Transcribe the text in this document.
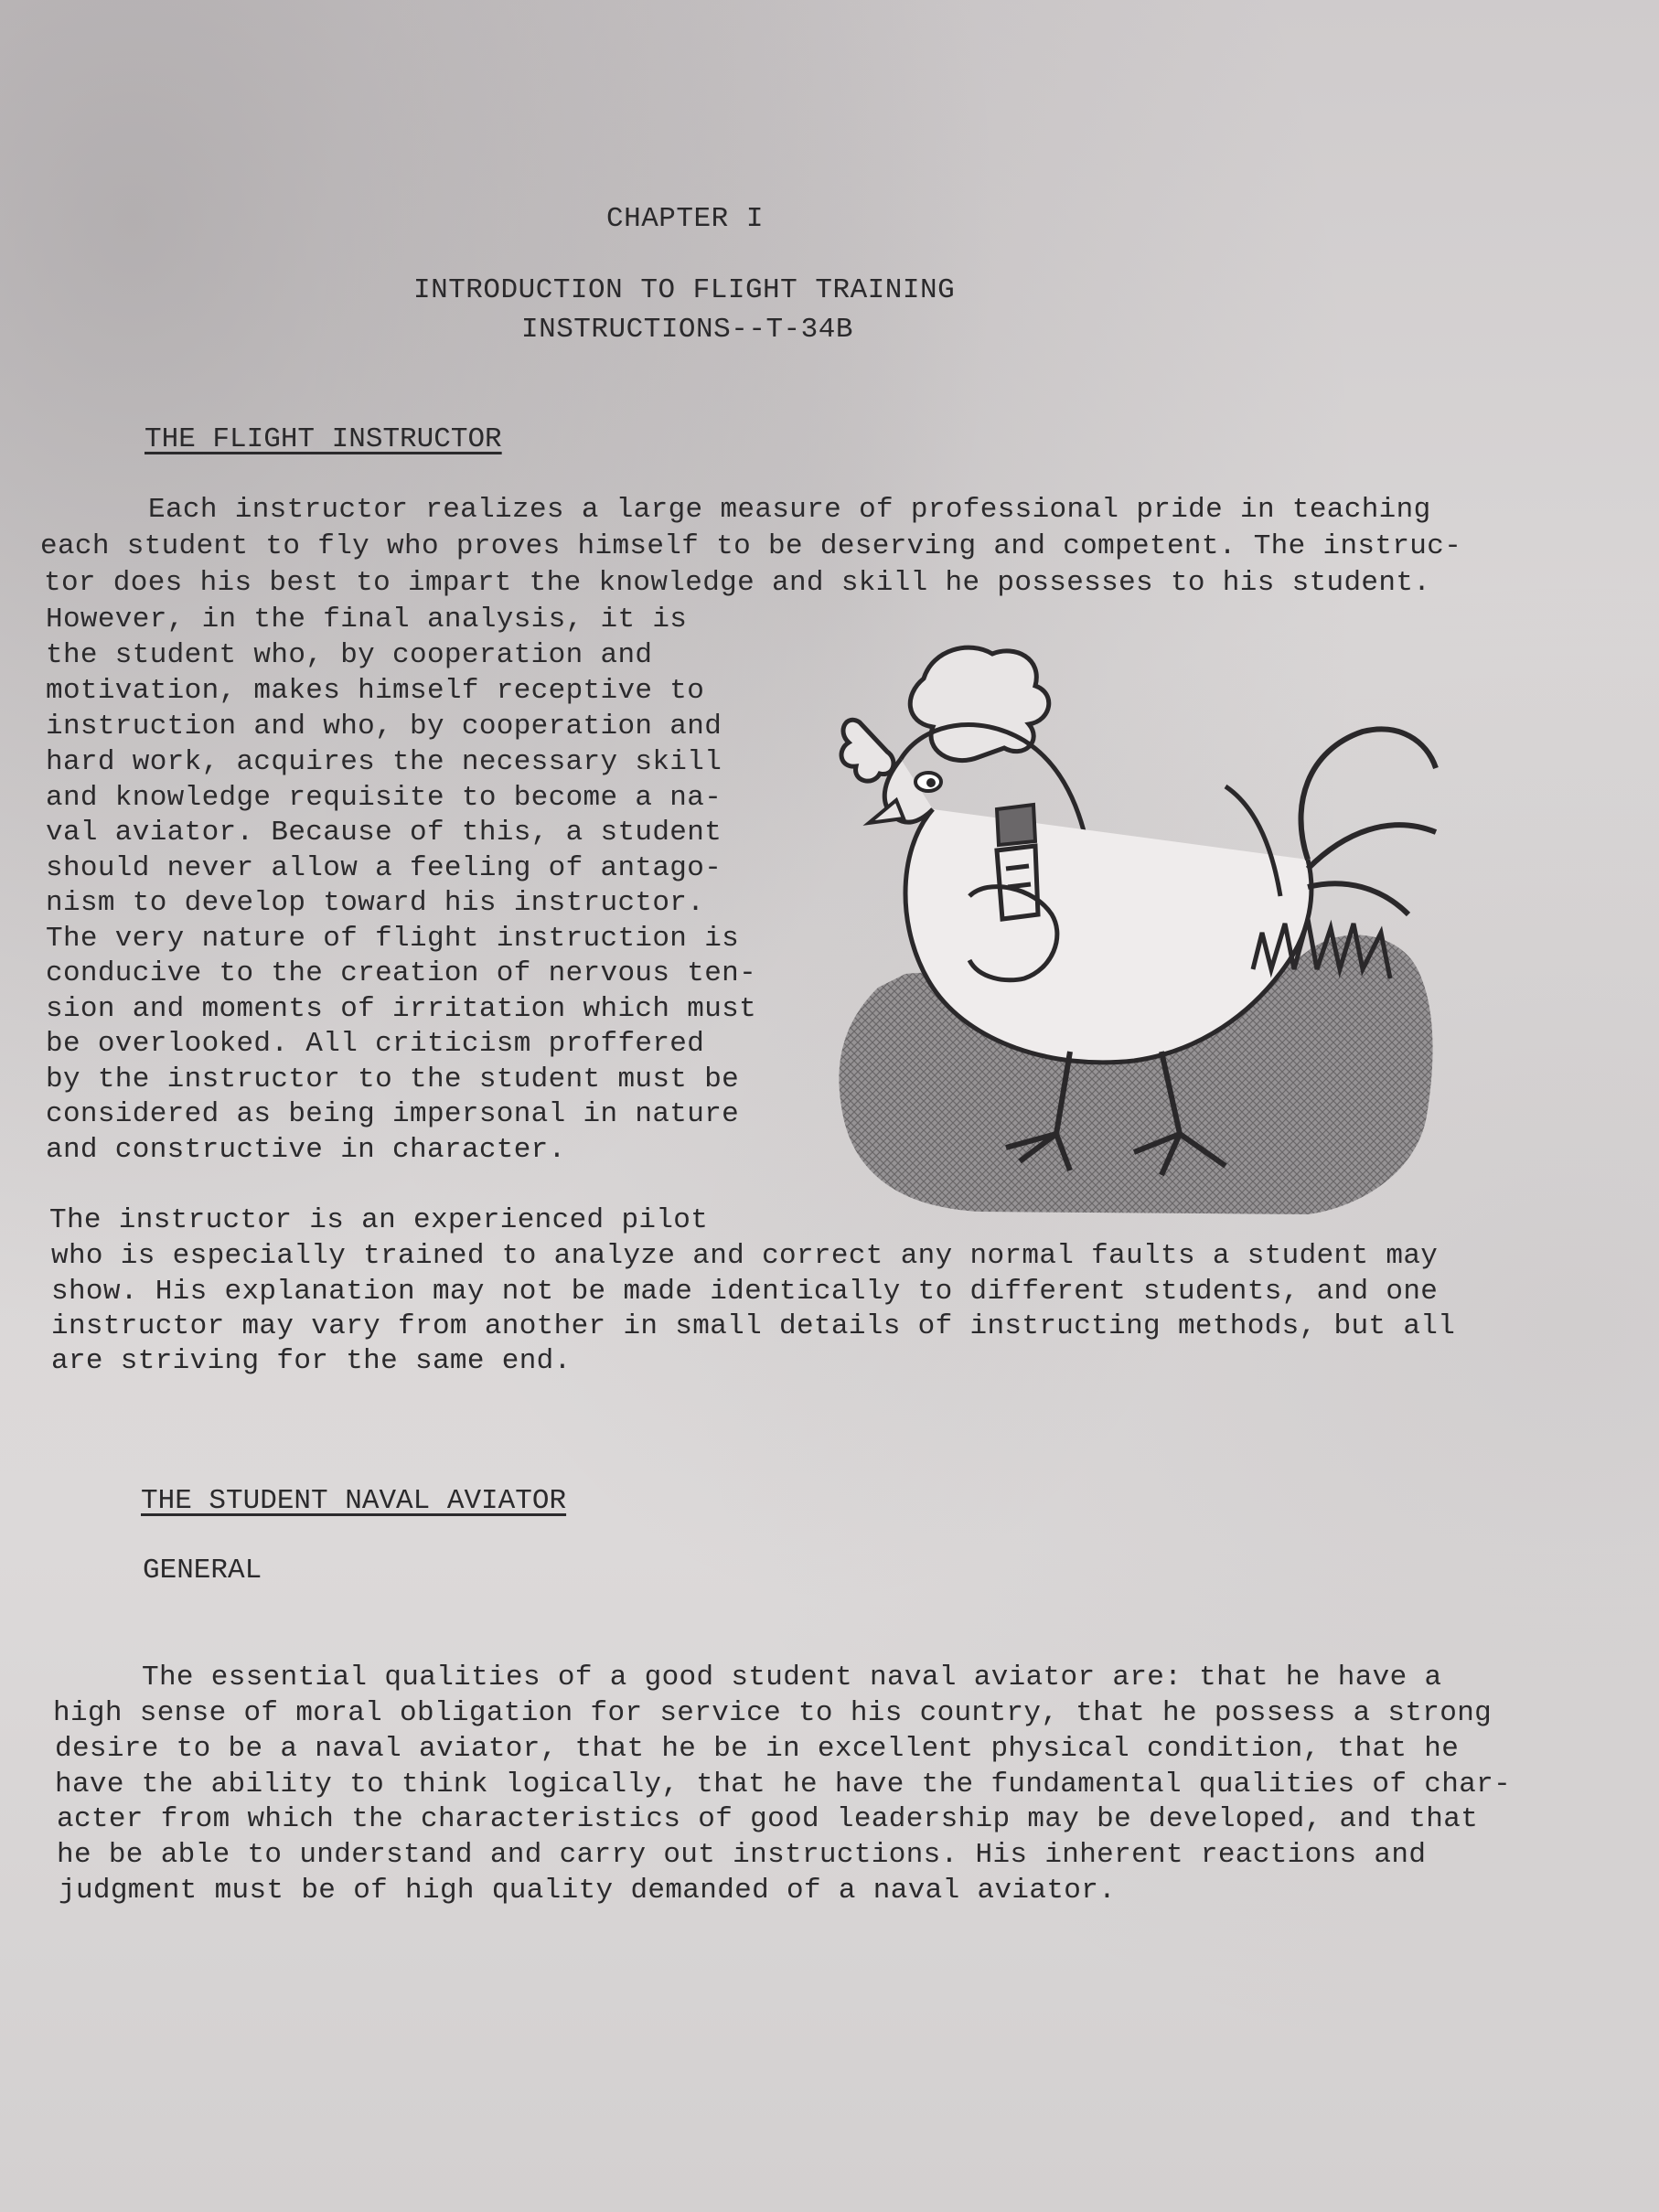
CHAPTER I
INTRODUCTION TO FLIGHT TRAINING
INSTRUCTIONS--T-34B
THE FLIGHT INSTRUCTOR
Each instructor realizes a large measure of professional pride in teaching
each student to fly who proves himself to be deserving and competent. The instruc-
tor does his best to impart the knowledge and skill he possesses to his student.
However, in the final analysis, it is
the student who, by cooperation and
motivation, makes himself receptive to
instruction and who, by cooperation and
hard work, acquires the necessary skill
and knowledge requisite to become a na-
val aviator. Because of this, a student
should never allow a feeling of antago-
nism to develop toward his instructor.
The very nature of flight instruction is
conducive to the creation of nervous ten-
sion and moments of irritation which must
be overlooked. All criticism proffered
by the instructor to the student must be
considered as being impersonal in nature
and constructive in character.
The instructor is an experienced pilot
who is especially trained to analyze and correct any normal faults a student may
show. His explanation may not be made identically to different students, and one
instructor may vary from another in small details of instructing methods, but all
are striving for the same end.
THE STUDENT NAVAL AVIATOR
GENERAL
The essential qualities of a good student naval aviator are: that he have a
high sense of moral obligation for service to his country, that he possess a strong
desire to be a naval aviator, that he be in excellent physical condition, that he
have the ability to think logically, that he have the fundamental qualities of char-
acter from which the characteristics of good leadership may be developed, and that
he be able to understand and carry out instructions. His inherent reactions and
judgment must be of high quality demanded of a naval aviator.
